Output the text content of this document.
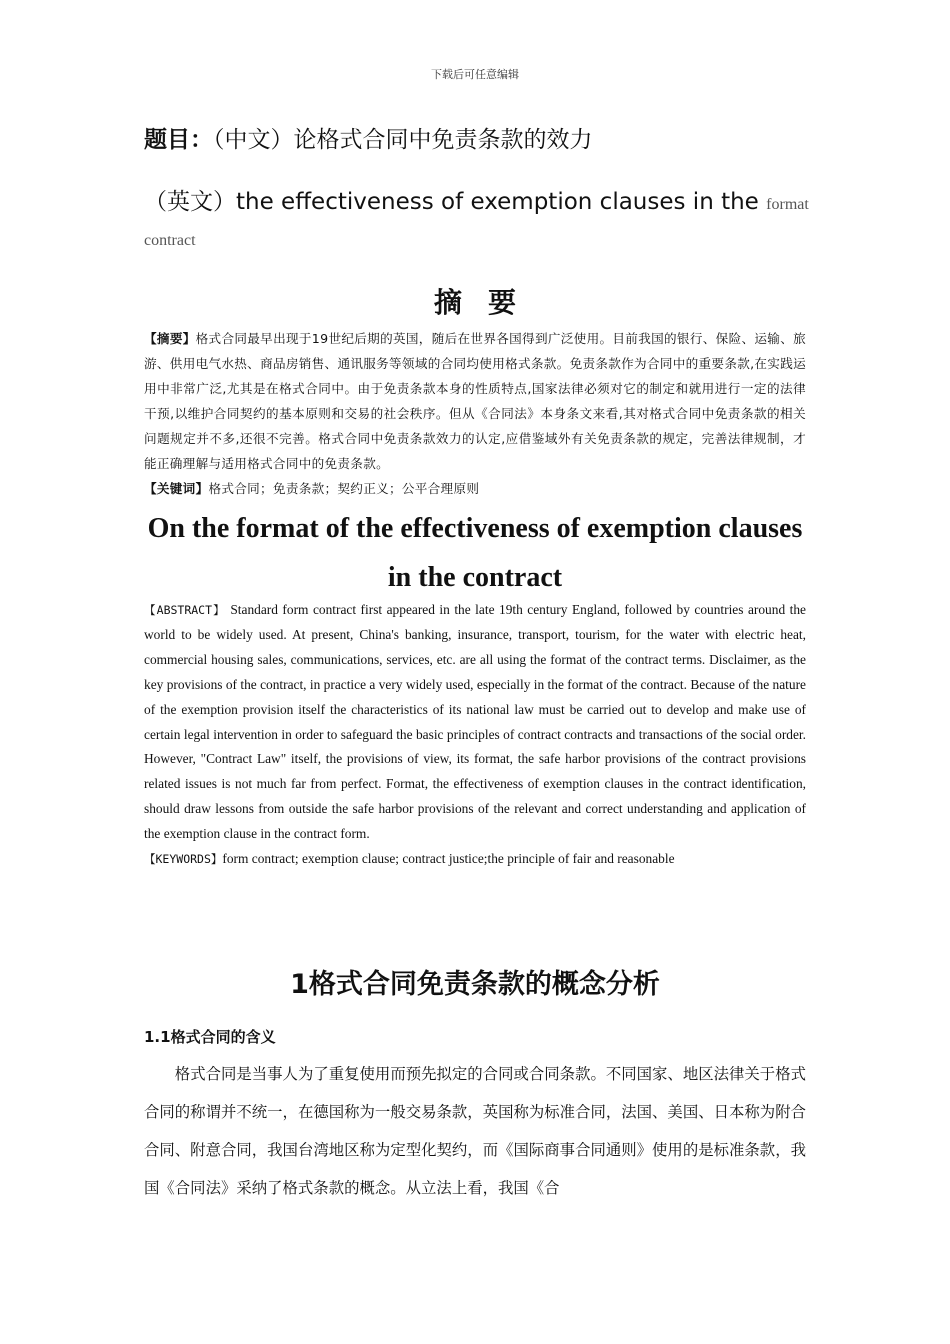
下载后可任意编辑
题目：（中文）论格式合同中免责条款的效力
（英文）the effectiveness of exemption clauses in the format
contract
摘要
【摘要】格式合同最早出现于19世纪后期的英国，随后在世界各国得到广泛使用。目前我国的银行、保险、运输、旅游、供用电气水热、商品房销售、通讯服务等领域的合同均使用格式条款。免责条款作为合同中的重要条款,在实践运用中非常广泛,尤其是在格式合同中。由于免责条款本身的性质特点,国家法律必须对它的制定和就用进行一定的法律干预,以维护合同契约的基本原则和交易的社会秩序。但从《合同法》本身条文来看,其对格式合同中免责条款的相关问题规定并不多,还很不完善。格式合同中免责条款效力的认定,应借鉴域外有关免责条款的规定，完善法律规制，才能正确理解与适用格式合同中的免责条款。
【关键词】格式合同；免责条款；契约正义；公平合理原则
On the format of the effectiveness of exemption clauses in the contract
【ABSTRACT】 Standard form contract first appeared in the late 19th century England, followed by countries around the world to be widely used. At present, China's banking, insurance, transport, tourism, for the water with electric heat, commercial housing sales, communications, services, etc. are all using the format of the contract terms. Disclaimer, as the key provisions of the contract, in practice a very widely used, especially in the format of the contract. Because of the nature of the exemption provision itself the characteristics of its national law must be carried out to develop and make use of certain legal intervention in order to safeguard the basic principles of contract contracts and transactions of the social order. However, "Contract Law" itself, the provisions of view, its format, the safe harbor provisions of the contract provisions related issues is not much far from perfect. Format, the effectiveness of exemption clauses in the contract identification, should draw lessons from outside the safe harbor provisions of the relevant and correct understanding and application of the exemption clause in the contract form.
【KEYWORDS】form contract; exemption clause; contract justice;the principle of fair and reasonable
1格式合同免责条款的概念分析
1.1格式合同的含义

格式合同是当事人为了重复使用而预先拟定的合同或合同条款。不同国家、地区法律关于格式合同的称谓并不统一，在德国称为一般交易条款，英国称为标准合同，法国、美国、日本称为附合合同、附意合同，我国台湾地区称为定型化契约，而《国际商事合同通则》使用的是标准条款，我国《合同法》采纳了格式条款的概念。从立法上看，我国《合
